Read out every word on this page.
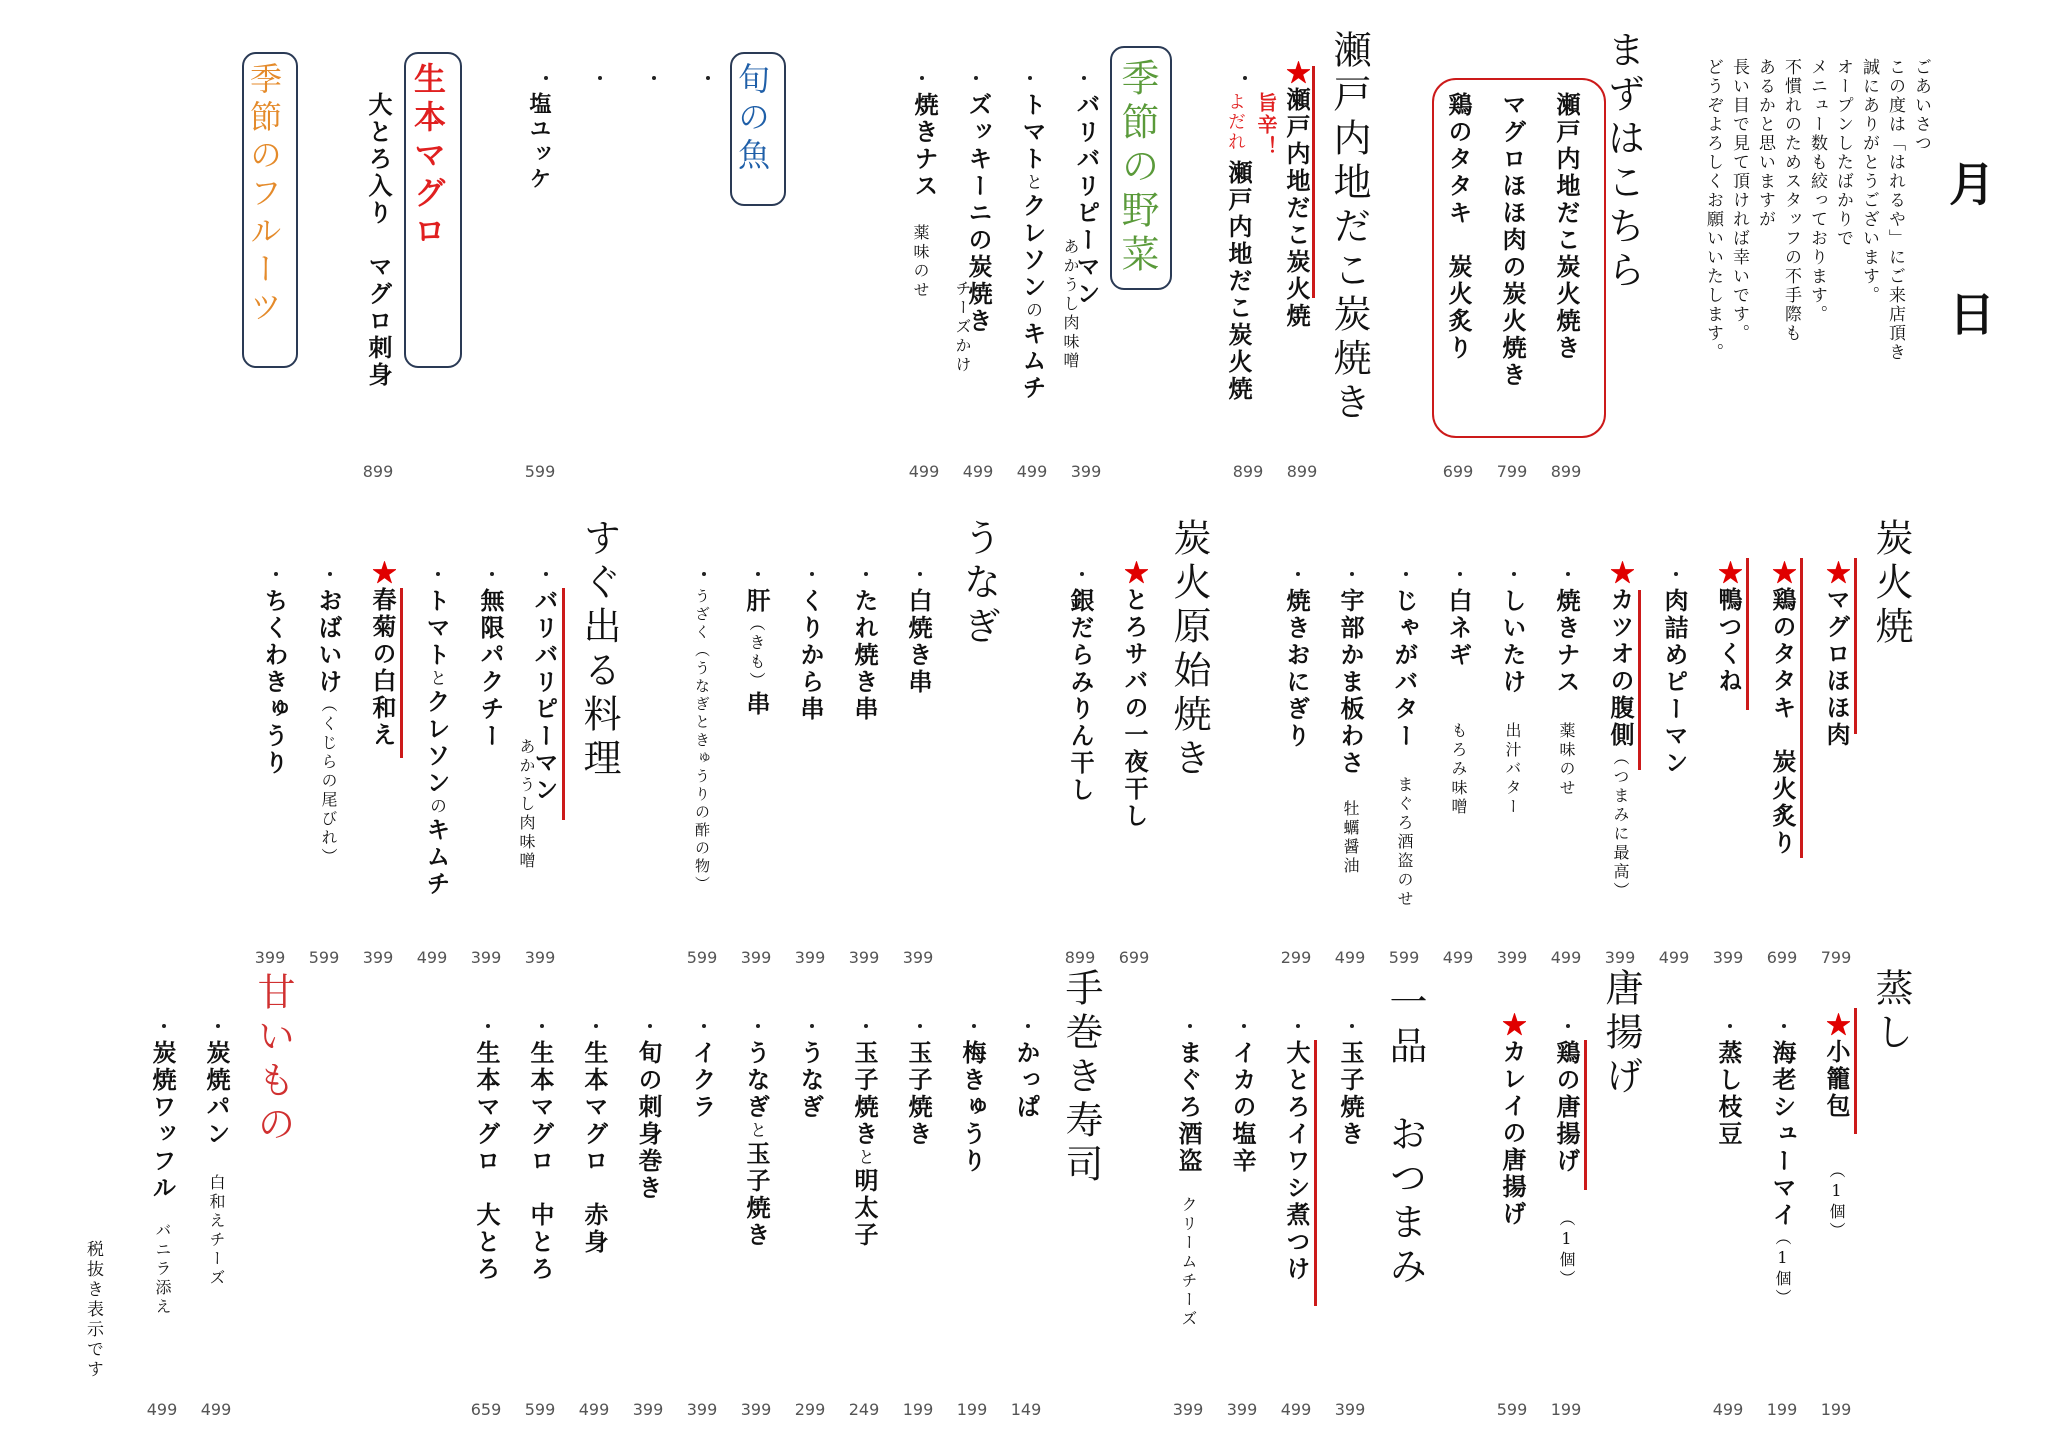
月
日
ごあいさつ
この度は「はれるや」にご来店頂き
誠にありがとうございます。
オープンしたばかりで
メニュー数も絞っております。
不慣れのためスタッフの不手際も
あるかと思いますが
長い目で見て頂ければ幸いです。
どうぞよろしくお願いいたします。
税抜き表示です
まずはこちら
瀬戸内地だこ炭火焼き
マグロほほ肉の炭火焼き
鶏のタタキ　炭火炙り
899
799
699
瀬戸内地だこ炭焼き
★瀬戸内地だこ炭火焼
旨辛！
よだれ
瀬戸内地だこ炭火焼
899
899
季節の野菜
バリバリピーマン
あかうし肉味噌
トマトとクレソンのキムチ
ズッキーニの炭焼き
チーズかけ
焼きナス
薬味のせ
399
499
499
499
旬の魚
塩ユッケ
599
生本マグロ
大とろ入り　マグロ刺身
899
季節のフルーツ
炭火焼
★マグロほほ肉
★鶏のタタキ　炭火炙り
★鴨つくね
肉詰めピーマン
★カツオの腹側（つまみに最高）
焼きナス
薬味のせ
しいたけ
出汁バター
白ネギ
もろみ味噌
じゃがバター
まぐろ酒盗のせ
宇部かま板わさ
牡蠣醤油
焼きおにぎり
799
699
399
499
399
499
399
499
599
499
299
炭火原始焼き
★とろサバの一夜干し
銀だらみりん干し
699
899
うなぎ
白焼き串
たれ焼き串
くりから串
肝（きも）串
うざく（うなぎときゅうりの酢の物）
399
399
399
399
599
すぐ出る料理
バリバリピーマン
あかうし肉味噌
無限パクチー
トマトとクレソンのキムチ
★春菊の白和え
おばいけ（くじらの尾びれ）
ちくわきゅうり
399
399
499
399
599
399
蒸し
★小籠包
（1個）
海老シューマイ（1個）
蒸し枝豆
199
199
499
唐揚げ
鶏の唐揚げ
（1個）
★カレイの唐揚げ
199
599
一品　おつまみ
玉子焼き
大とろイワシ煮つけ
イカの塩辛
まぐろ酒盗
クリームチーズ
399
499
399
399
手巻き寿司
かっぱ
梅きゅうり
玉子焼き
玉子焼きと明太子
うなぎ
うなぎと玉子焼き
イクラ
旬の刺身巻き
生本マグロ　赤身
生本マグロ　中とろ
生本マグロ　大とろ
149
199
199
249
299
399
399
399
499
599
659
甘いもの
炭焼パン
白和えチーズ
炭焼ワッフル
バニラ添え
499
499
